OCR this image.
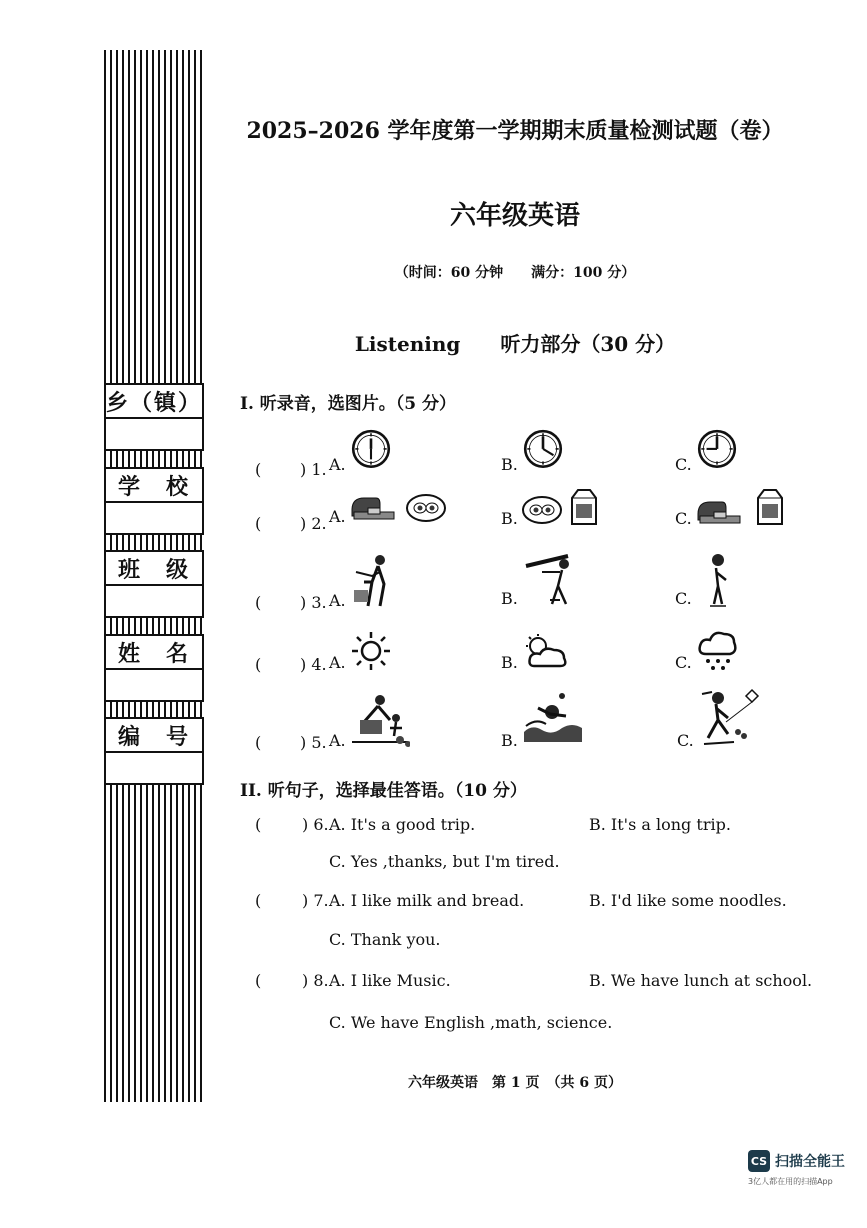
乡（镇）
学　校
班　级
姓　名
编　号
2025–2026 学年度第一学期期末质量检测试题（卷）
六年级英语
（时间：60 分钟　　满分：100 分）
Listening　　听力部分（30 分）
I. 听录音，选图片。（5 分）
( ) 1. A.	B.	C.
( ) 2. A.	B.	C.
( ) 3. A.	B.	C.
( ) 4. A.	B.	C.
( ) 5. A.	B.	C.
II. 听句子，选择最佳答语。（10 分）
(	) 6. A. It's a good trip.	B. It's a long trip.
C. Yes ,thanks, but I'm tired.
(	) 7. A. I like milk and bread.	B. I'd like some noodles.
C. Thank you.
(	) 8. A. I like Music.	B. We have lunch at school.
C. We have English ,math, science.
六年级英语　第 1 页　（共 6 页）
CS 扫描全能王
3亿人都在用的扫描App
